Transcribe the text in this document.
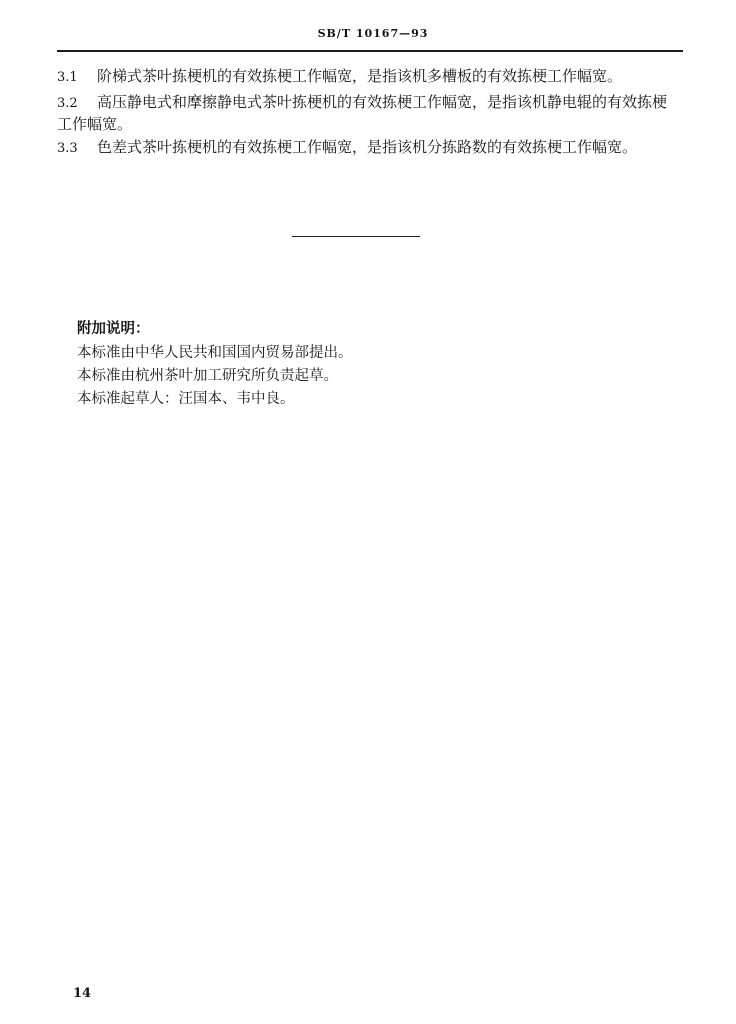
SB/T 10167—93
3.1 阶梯式茶叶拣梗机的有效拣梗工作幅宽，是指该机多槽板的有效拣梗工作幅宽。
3.2 高压静电式和摩擦静电式茶叶拣梗机的有效拣梗工作幅宽，是指该机静电辊的有效拣梗
工作幅宽。
3.3 色差式茶叶拣梗机的有效拣梗工作幅宽，是指该机分拣路数的有效拣梗工作幅宽。
附加说明：
本标准由中华人民共和国国内贸易部提出。
本标准由杭州茶叶加工研究所负责起草。
本标准起草人：汪国本、韦中良。
14
